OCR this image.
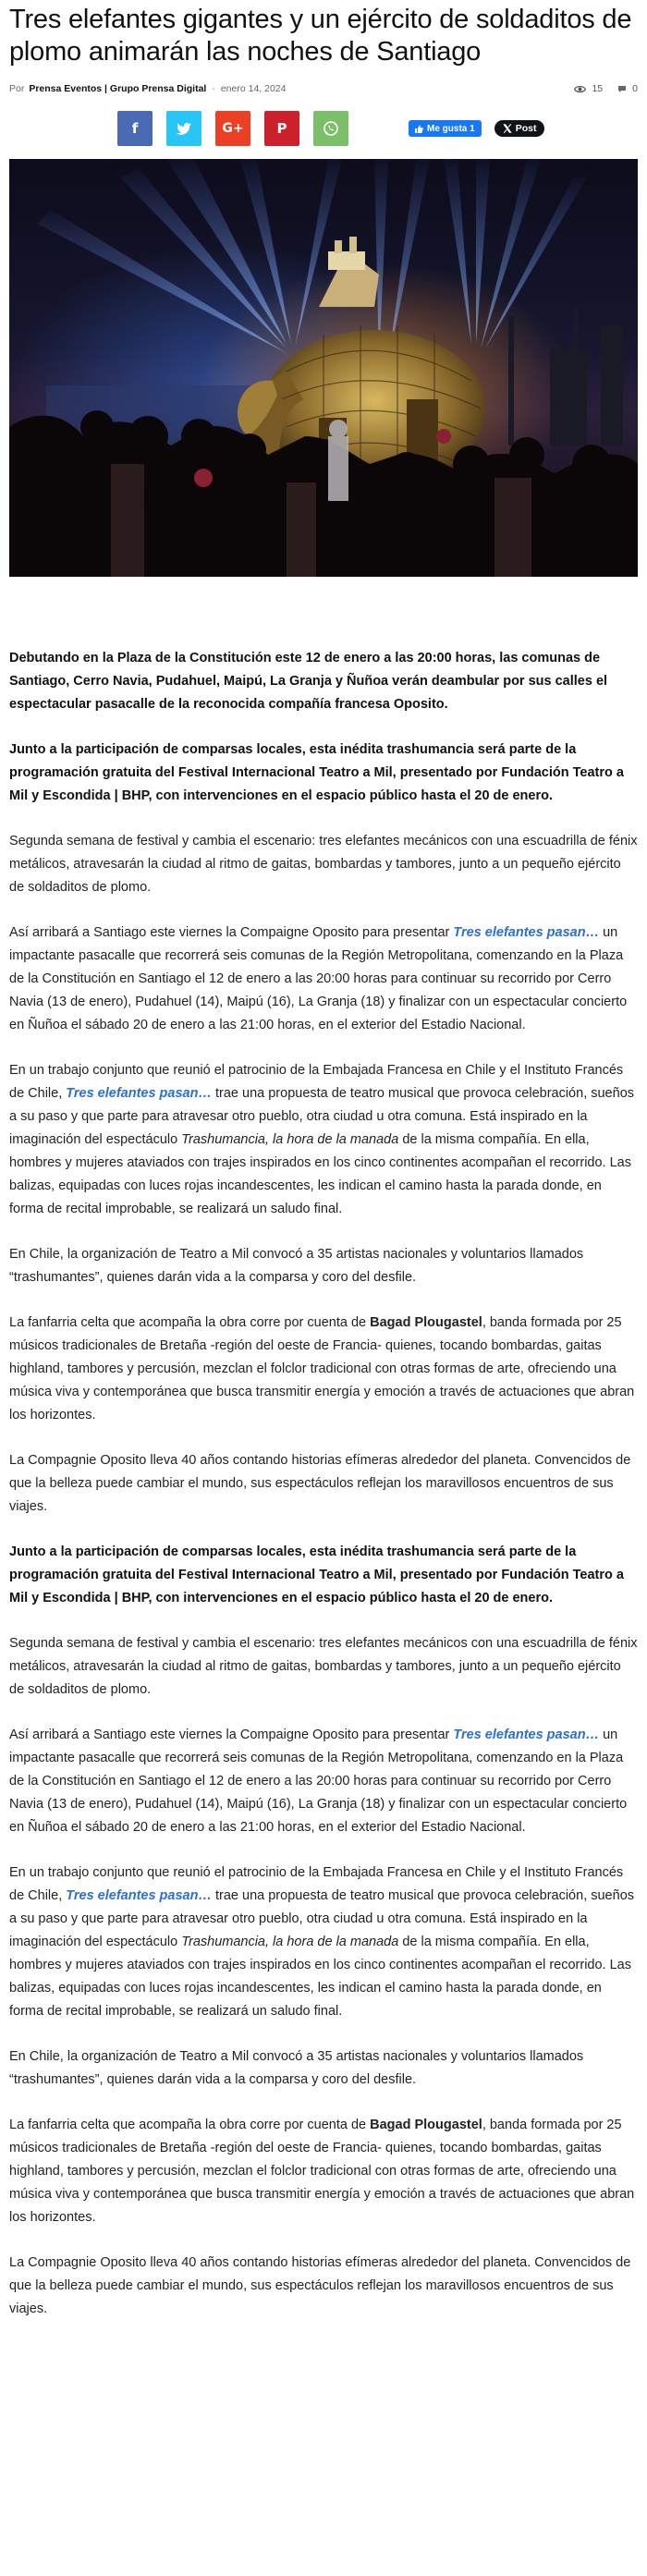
Tres elefantes gigantes y un ejército de soldaditos de plomo animarán las noches de Santiago
Por Prensa Eventos | Grupo Prensa Digital - enero 14, 2024	15	0
f	G+ P	Me gusta 1	Post

Debutando en la Plaza de la Constitución este 12 de enero a las 20:00 horas, las comunas de Santiago, Cerro Navia, Pudahuel, Maipú, La Granja y Ñuñoa verán deambular por sus calles el espectacular pasacalle de la reconocida compañía francesa Oposito.

Junto a la participación de comparsas locales, esta inédita trashumancia será parte de la programación gratuita del Festival Internacional Teatro a Mil, presentado por Fundación Teatro a Mil y Escondida | BHP, con intervenciones en el espacio público hasta el 20 de enero.

Segunda semana de festival y cambia el escenario: tres elefantes mecánicos con una escuadrilla de fénix metálicos, atravesarán la ciudad al ritmo de gaitas, bombardas y tambores, junto a un pequeño ejército de soldaditos de plomo.

Así arribará a Santiago este viernes la Compaigne Oposito para presentar Tres elefantes pasan… un impactante pasacalle que recorrerá seis comunas de la Región Metropolitana, comenzando en la Plaza de la Constitución en Santiago el 12 de enero a las 20:00 horas para continuar su recorrido por Cerro Navia (13 de enero), Pudahuel (14), Maipú (16), La Granja (18) y finalizar con un espectacular concierto en Ñuñoa el sábado 20 de enero a las 21:00 horas, en el exterior del Estadio Nacional.

En un trabajo conjunto que reunió el patrocinio de la Embajada Francesa en Chile y el Instituto Francés de Chile, Tres elefantes pasan… trae una propuesta de teatro musical que provoca celebración, sueños a su paso y que parte para atravesar otro pueblo, otra ciudad u otra comuna. Está inspirado en la imaginación del espectáculo Trashumancia, la hora de la manada de la misma compañía. En ella, hombres y mujeres ataviados con trajes inspirados en los cinco continentes acompañan el recorrido. Las balizas, equipadas con luces rojas incandescentes, les indican el camino hasta la parada donde, en forma de recital improbable, se realizará un saludo final.

En Chile, la organización de Teatro a Mil convocó a 35 artistas nacionales y voluntarios llamados “trashumantes”, quienes darán vida a la comparsa y coro del desfile.

La fanfarria celta que acompaña la obra corre por cuenta de Bagad Plougastel, banda formada por 25 músicos tradicionales de Bretaña -región del oeste de Francia- quienes, tocando bombardas, gaitas highland, tambores y percusión, mezclan el folclor tradicional con otras formas de arte, ofreciendo una música viva y contemporánea que busca transmitir energía y emoción a través de actuaciones que abran los horizontes.

La Compagnie Oposito lleva 40 años contando historias efímeras alrededor del planeta. Convencidos de que la belleza puede cambiar el mundo, sus espectáculos reflejan los maravillosos encuentros de sus viajes.

Junto a la participación de comparsas locales, esta inédita trashumancia será parte de la programación gratuita del Festival Internacional Teatro a Mil, presentado por Fundación Teatro a Mil y Escondida | BHP, con intervenciones en el espacio público hasta el 20 de enero.

Segunda semana de festival y cambia el escenario: tres elefantes mecánicos con una escuadrilla de fénix metálicos, atravesarán la ciudad al ritmo de gaitas, bombardas y tambores, junto a un pequeño ejército de soldaditos de plomo.

Así arribará a Santiago este viernes la Compaigne Oposito para presentar Tres elefantes pasan… un impactante pasacalle que recorrerá seis comunas de la Región Metropolitana, comenzando en la Plaza de la Constitución en Santiago el 12 de enero a las 20:00 horas para continuar su recorrido por Cerro Navia (13 de enero), Pudahuel (14), Maipú (16), La Granja (18) y finalizar con un espectacular concierto en Ñuñoa el sábado 20 de enero a las 21:00 horas, en el exterior del Estadio Nacional.

En un trabajo conjunto que reunió el patrocinio de la Embajada Francesa en Chile y el Instituto Francés de Chile, Tres elefantes pasan… trae una propuesta de teatro musical que provoca celebración, sueños a su paso y que parte para atravesar otro pueblo, otra ciudad u otra comuna. Está inspirado en la imaginación del espectáculo Trashumancia, la hora de la manada de la misma compañía. En ella, hombres y mujeres ataviados con trajes inspirados en los cinco continentes acompañan el recorrido. Las balizas, equipadas con luces rojas incandescentes, les indican el camino hasta la parada donde, en forma de recital improbable, se realizará un saludo final.

En Chile, la organización de Teatro a Mil convocó a 35 artistas nacionales y voluntarios llamados “trashumantes”, quienes darán vida a la comparsa y coro del desfile.

La fanfarria celta que acompaña la obra corre por cuenta de Bagad Plougastel, banda formada por 25 músicos tradicionales de Bretaña -región del oeste de Francia- quienes, tocando bombardas, gaitas highland, tambores y percusión, mezclan el folclor tradicional con otras formas de arte, ofreciendo una música viva y contemporánea que busca transmitir energía y emoción a través de actuaciones que abran los horizontes.

La Compagnie Oposito lleva 40 años contando historias efímeras alrededor del planeta. Convencidos de que la belleza puede cambiar el mundo, sus espectáculos reflejan los maravillosos encuentros de sus viajes.
